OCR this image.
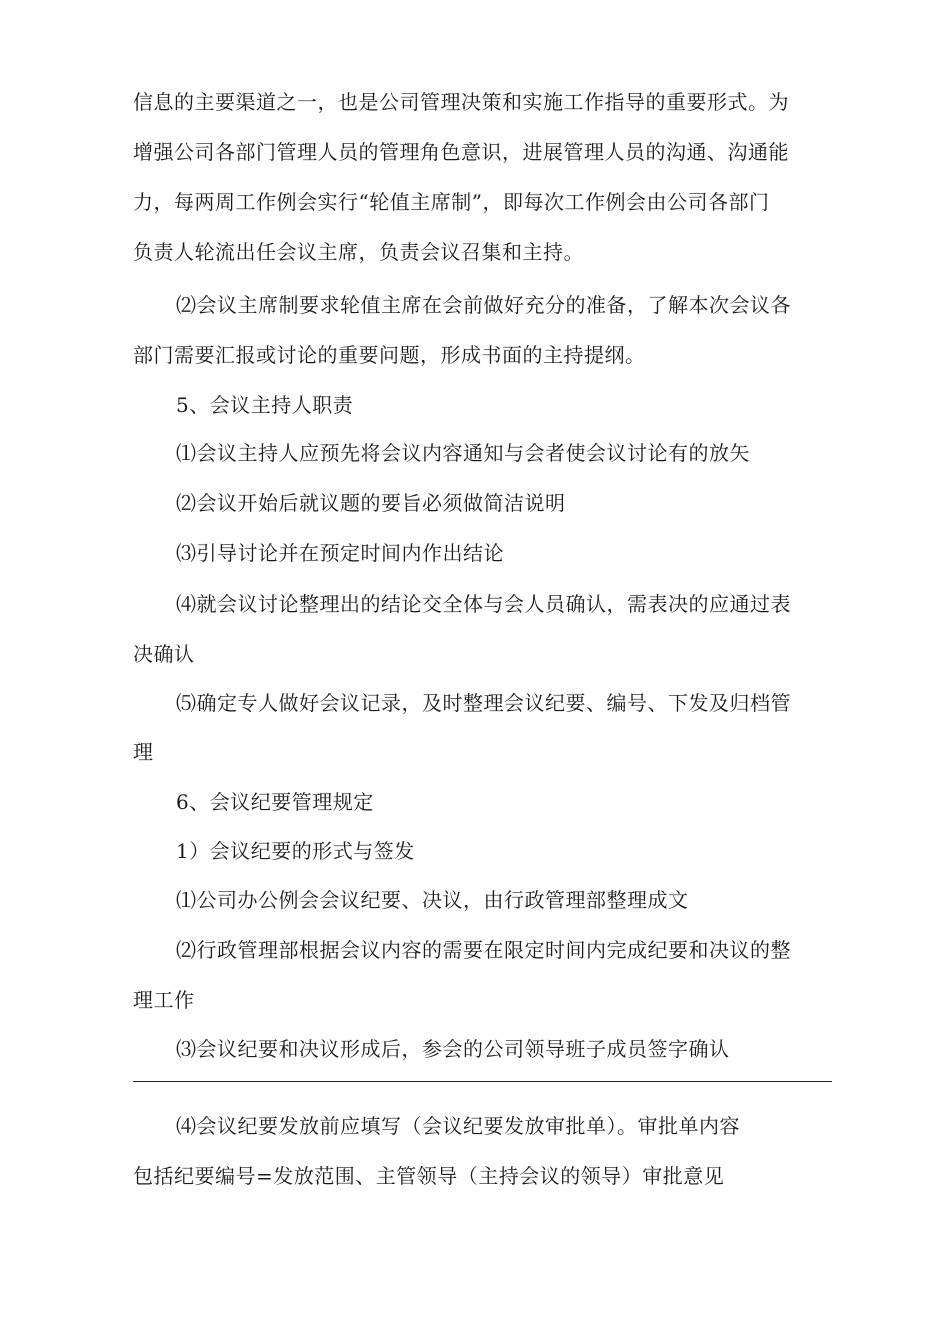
信息的主要渠道之一，也是公司管理决策和实施工作指导的重要形式。为
增强公司各部门管理人员的管理角色意识，进展管理人员的沟通、沟通能
力，每两周工作例会实行“轮值主席制”，即每次工作例会由公司各部门
负责人轮流出任会议主席，负责会议召集和主持。
⑵会议主席制要求轮值主席在会前做好充分的准备，了解本次会议各
部门需要汇报或讨论的重要问题，形成书面的主持提纲。
5、会议主持人职责
⑴会议主持人应预先将会议内容通知与会者使会议讨论有的放矢
⑵会议开始后就议题的要旨必须做简洁说明
⑶引导讨论并在预定时间内作出结论
⑷就会议讨论整理出的结论交全体与会人员确认，需表决的应通过表
决确认
⑸确定专人做好会议记录，及时整理会议纪要、编号、下发及归档管
理
6、会议纪要管理规定
1）会议纪要的形式与签发
⑴公司办公例会会议纪要、决议，由行政管理部整理成文
⑵行政管理部根据会议内容的需要在限定时间内完成纪要和决议的整
理工作
⑶会议纪要和决议形成后，参会的公司领导班子成员签字确认
⑷会议纪要发放前应填写（会议纪要发放审批单）。审批单内容
包括纪要编号=发放范围、主管领导（主持会议的领导）审批意见
